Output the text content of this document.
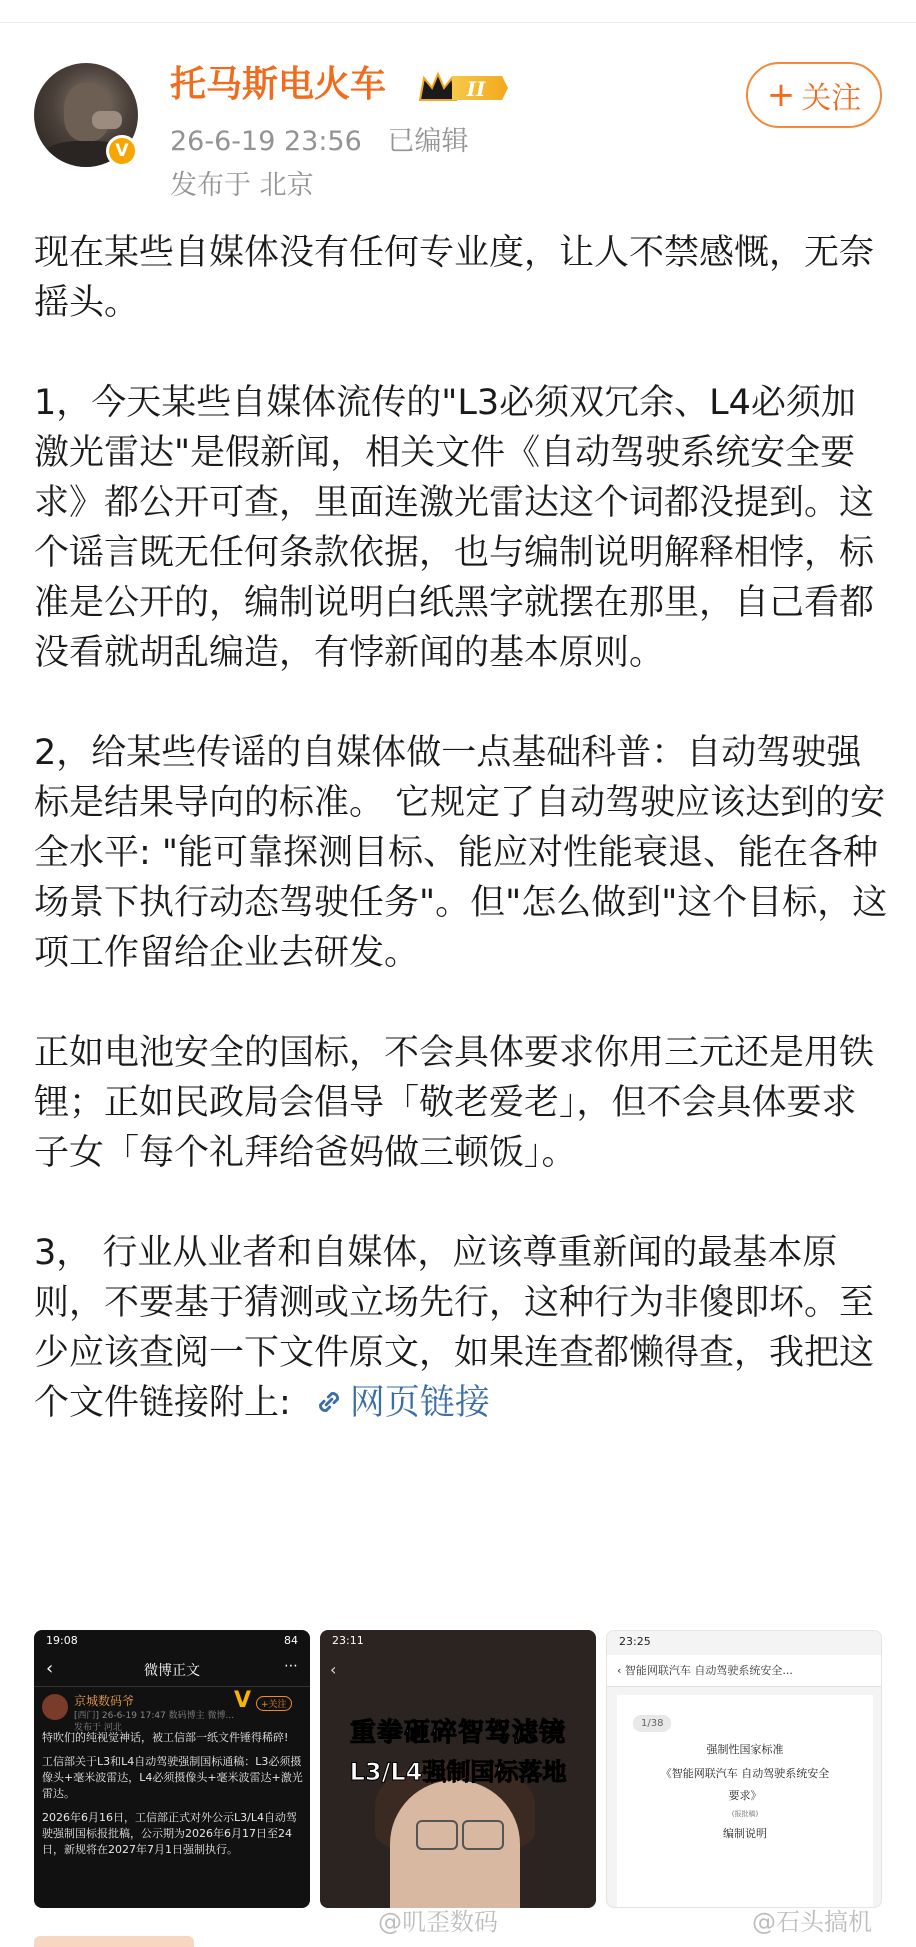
V
托马斯电火车	II
26-6-19 23:56 已编辑
发布于 北京
+ 关注

现在某些自媒体没有任何专业度，让人不禁感慨，无奈摇头。

1，今天某些自媒体流传的"L3必须双冗余、L4必须加激光雷达"是假新闻，相关文件《自动驾驶系统安全要求》都公开可查，里面连激光雷达这个词都没提到。这个谣言既无任何条款依据，也与编制说明解释相悖，标准是公开的，编制说明白纸黑字就摆在那里，自己看都没看就胡乱编造，有悖新闻的基本原则。

2，给某些传谣的自媒体做一点基础科普：自动驾驶强标是结果导向的标准。 它规定了自动驾驶应该达到的安全水平: "能可靠探测目标、能应对性能衰退、能在各种场景下执行动态驾驶任务"。但"怎么做到"这个目标，这项工作留给企业去研发。

正如电池安全的国标，不会具体要求你用三元还是用铁锂；正如民政局会倡导「敬老爱老」，但不会具体要求子女「每个礼拜给爸妈做三顿饭」。

3， 行业从业者和自媒体，应该尊重新闻的最基本原则，不要基于猜测或立场先行，这种行为非傻即坏。至少应该查阅一下文件原文，如果连查都懒得查，我把这个文件链接附上: 网页链接

19:08	84
‹	微博正文	⋯
京城数码爷
[西门] 26-6-19 17:47 数码博主 微博...
发布于 河北
V	+关注

特吹们的纯视觉神话，被工信部一纸文件锤得稀碎!

工信部关于L3和L4自动驾驶强制国标通稿：L3必须摄像头+毫米波雷达，L4必须摄像头+毫米波雷达+激光雷达。

2026年6月16日，工信部正式对外公示L3/L4自动驾驶强制国标报批稿，公示期为2026年6月17日至24日，新规将在2027年7月1日强制执行。

23:11
‹
重拳砸碎智驾滤镜
L3/L4强制国标落地
23:25
‹ 智能网联汽车 自动驾驶系统安全...
1/38
强制性国家标准
《智能网联汽车 自动驾驶系统安全
要求》
(报批稿)
编制说明
@叽歪数码	@石头搞机
